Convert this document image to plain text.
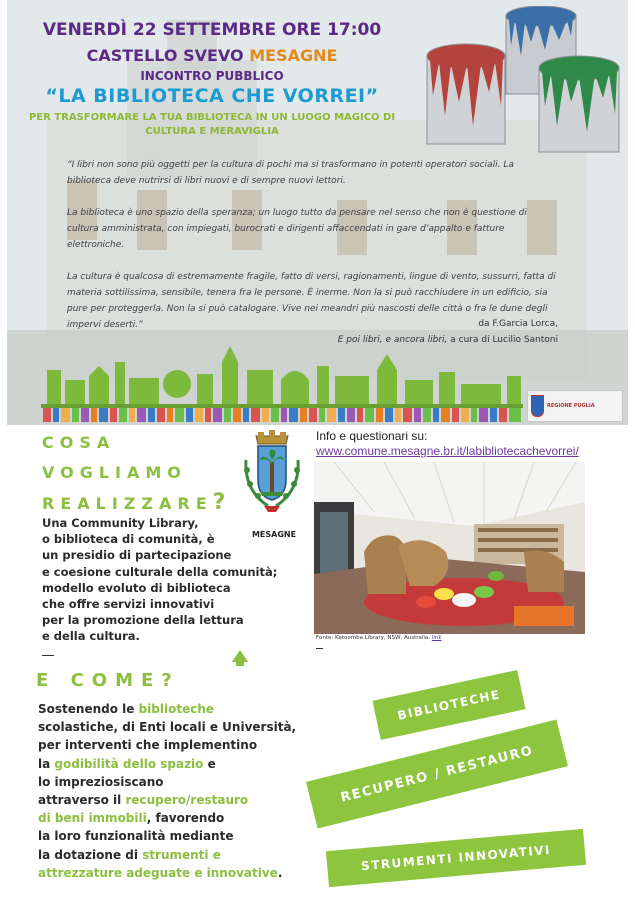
VENERDÌ 22 SETTEMBRE ORE 17:00
CASTELLO SVEVO MESAGNE
INCONTRO PUBBLICO
“LA BIBLIOTECA CHE VORREI”
PER TRASFORMARE LA TUA BIBLIOTECA IN UN LUOGO MAGICO DI CULTURA E MERAVIGLIA

“I libri non sono più oggetti per la cultura di pochi ma si trasformano in potenti operatori sociali. La biblioteca deve nutrirsi di libri nuovi e di sempre nuovi lettori.

La biblioteca è uno spazio della speranza; un luogo tutto da pensare nel senso che non è questione di cultura amministrata, con impiegati, burocrati e dirigenti affaccendati in gare d’appalto e fatture elettroniche.

La cultura è qualcosa di estremamente fragile, fatto di versi, ragionamenti, lingue di vento, sussurri, fatta di materia sottilissima, sensibile, tenera fra le persone. È inerme. Non la si può racchiudere in un edificio, sia pure per proteggerla. Non la si può catalogare. Vive nei meandri più nascosti delle città o fra le dune degli impervi deserti.”	da F.Garcia Lorca,
E poi libri, e ancora libri, a cura di Lucilio Santoni
REGIONE PUGLIA
COSA
VOGLIAMO
REALIZZARE?
Una Community Library,
o biblioteca di comunità, è
un presidio di partecipazione
e coesione culturale della comunità;
modello evoluto di biblioteca
che offre servizi innovativi
per la promozione della lettura
e della cultura.
MESAGNE
Info e questionari su:
www.comune.mesagne.br.it/labibliotecachevorrei/
Fonte: Katoomba Library, NSW, Australia, link
E COME?
Sostenendo le biblioteche
scolastiche, di Enti locali e Università,
per interventi che implementino
la godibilità dello spazio e
lo impreziosiscano
attraverso il recupero/restauro
di beni immobili, favorendo
la loro funzionalità mediante
la dotazione di strumenti e
attrezzature adeguate e innovative.
BIBLIOTECHE
RECUPERO / RESTAURO
STRUMENTI INNOVATIVI
